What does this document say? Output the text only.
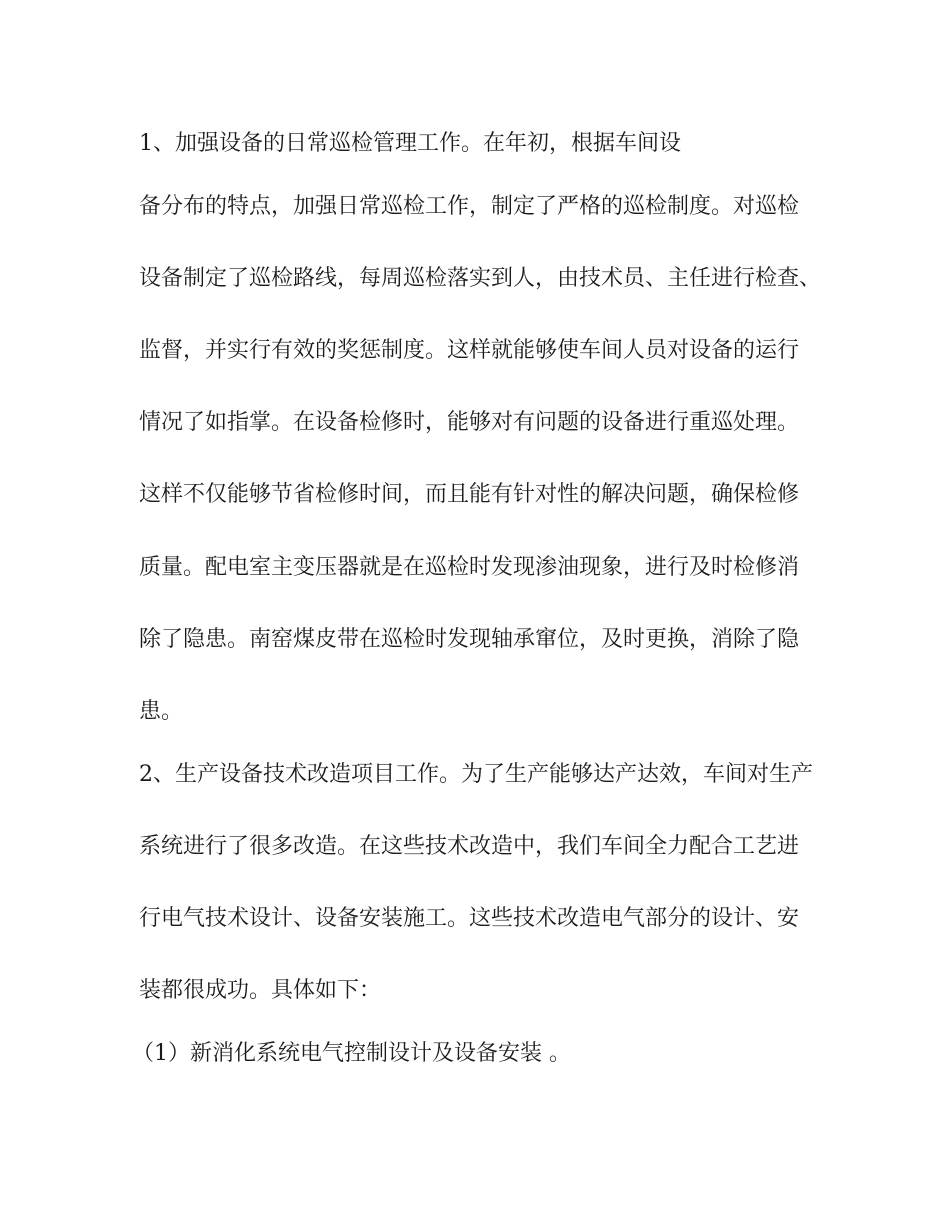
1、加强设备的日常巡检管理工作。在年初，根据车间设
备分布的特点，加强日常巡检工作，制定了严格的巡检制度。对巡检
设备制定了巡检路线，每周巡检落实到人，由技术员、主任进行检查、
监督，并实行有效的奖惩制度。这样就能够使车间人员对设备的运行
情况了如指掌。在设备检修时，能够对有问题的设备进行重巡处理。
这样不仅能够节省检修时间，而且能有针对性的解决问题，确保检修
质量。配电室主变压器就是在巡检时发现渗油现象，进行及时检修消
除了隐患。南窑煤皮带在巡检时发现轴承窜位，及时更换，消除了隐
患。
2、生产设备技术改造项目工作。为了生产能够达产达效，车间对生产
系统进行了很多改造。在这些技术改造中，我们车间全力配合工艺进
行电气技术设计、设备安装施工。这些技术改造电气部分的设计、安
装都很成功。具体如下：
（1）新消化系统电气控制设计及设备安装 。
